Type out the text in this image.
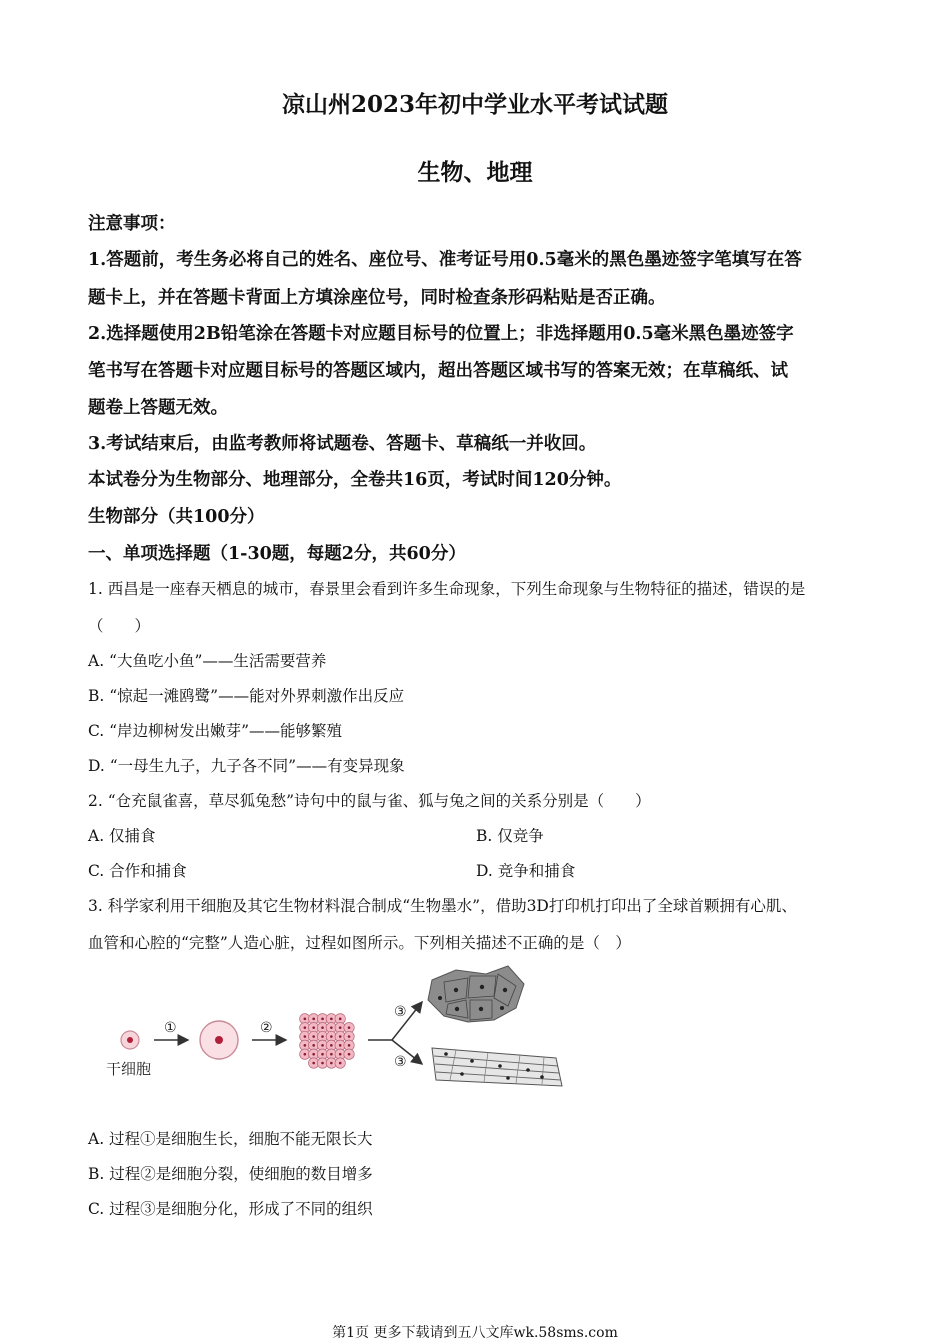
凉山州2023年初中学业水平考试试题
生物、地理
注意事项：
1.答题前，考生务必将自己的姓名、座位号、准考证号用0.5毫米的黑色墨迹签字笔填写在答
题卡上，并在答题卡背面上方填涂座位号，同时检查条形码粘贴是否正确。
2.选择题使用2B铅笔涂在答题卡对应题目标号的位置上；非选择题用0.5毫米黑色墨迹签字
笔书写在答题卡对应题目标号的答题区域内，超出答题区域书写的答案无效；在草稿纸、试
题卷上答题无效。
3.考试结束后，由监考教师将试题卷、答题卡、草稿纸一并收回。
本试卷分为生物部分、地理部分，全卷共16页，考试时间120分钟。
生物部分（共100分）
一、单项选择题（1-30题，每题2分，共60分）
1. 西昌是一座春天栖息的城市，春景里会看到许多生命现象，下列生命现象与生物特征的描述，错误的是
（　　）
A. “大鱼吃小鱼”——生活需要营养
B. “惊起一滩鸥鹭”——能对外界刺激作出反应
C. “岸边柳树发出嫩芽”——能够繁殖
D. “一母生九子，九子各不同”——有变异现象
2. “仓充鼠雀喜，草尽狐兔愁”诗句中的鼠与雀、狐与兔之间的关系分别是（　　）
A. 仅捕食	B. 仅竞争
C. 合作和捕食	D. 竞争和捕食
3. 科学家利用干细胞及其它生物材料混合制成“生物墨水”，借助3D打印机打印出了全球首颗拥有心肌、
血管和心腔的“完整”人造心脏，过程如图所示。下列相关描述不正确的是（　）
干细胞
①	②
③
③
A. 过程①是细胞生长，细胞不能无限长大
B. 过程②是细胞分裂，使细胞的数目增多
C. 过程③是细胞分化，形成了不同的组织
第1页 更多下载请到五八文库wk.58sms.com
